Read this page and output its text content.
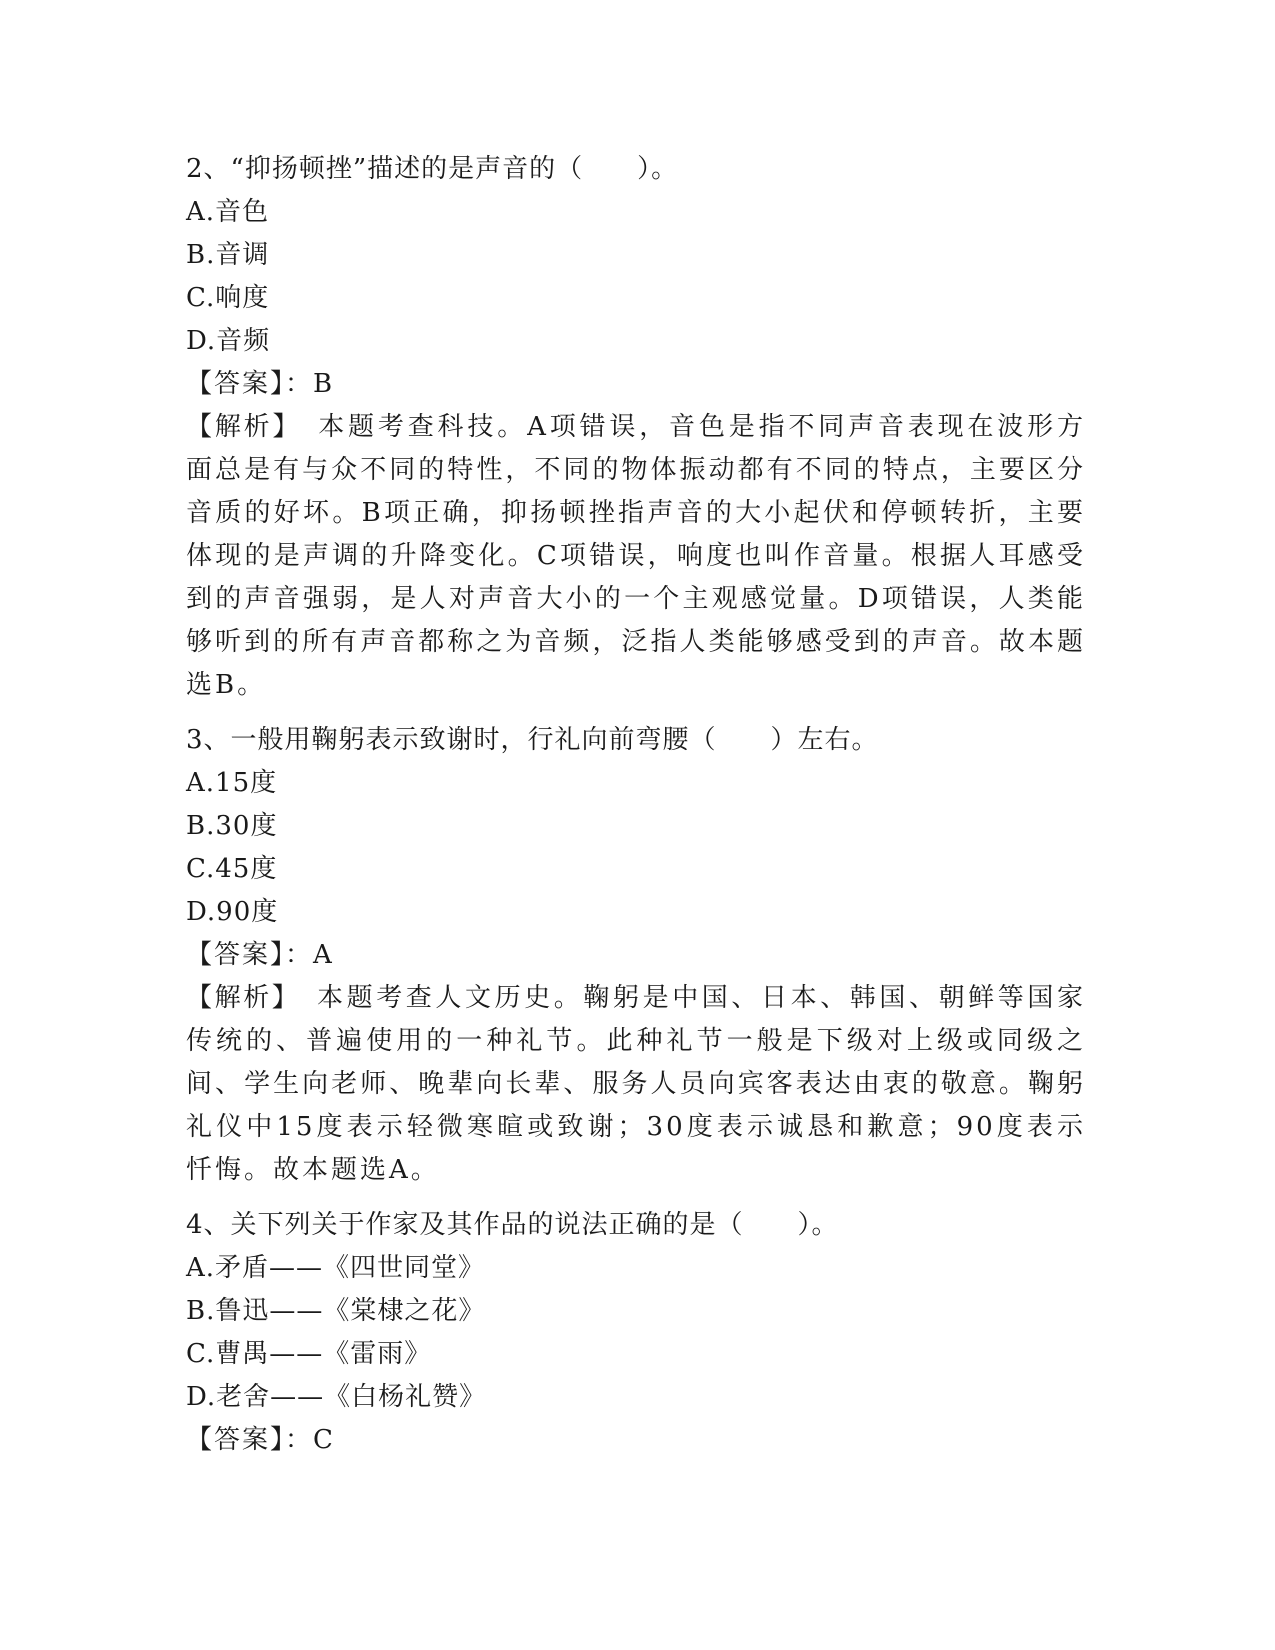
2、“抑扬顿挫”描述的是声音的（　　）。
A.音色
B.音调
C.响度
D.音频
【答案】：B
【解析】　 本题考查科技。A项错误，音色是指不同声音表现在波形方面总是有与众不同的特性，不同的物体振动都有不同的特点，主要区分音质的好坏。B项正确，抑扬顿挫指声音的大小起伏和停顿转折，主要体现的是声调的升降变化。C项错误，响度也叫作音量。根据人耳感受到的声音强弱，是人对声音大小的一个主观感觉量。D项错误，人类能够听到的所有声音都称之为音频，泛指人类能够感受到的声音。故本题选B。
3、一般用鞠躬表示致谢时，行礼向前弯腰（　　）左右。
A.15度
B.30度
C.45度
D.90度
【答案】：A
【解析】　 本题考查人文历史。鞠躬是中国、日本、韩国、朝鲜等国家传统的、普遍使用的一种礼节。此种礼节一般是下级对上级或同级之间、学生向老师、晚辈向长辈、服务人员向宾客表达由衷的敬意。鞠躬礼仪中15度表示轻微寒暄或致谢；30度表示诚恳和歉意；90度表示忏悔。故本题选A。
4、关下列关于作家及其作品的说法正确的是（　　）。
A.矛盾——《四世同堂》
B.鲁迅——《棠棣之花》
C.曹禺——《雷雨》
D.老舍——《白杨礼赞》
【答案】：C
